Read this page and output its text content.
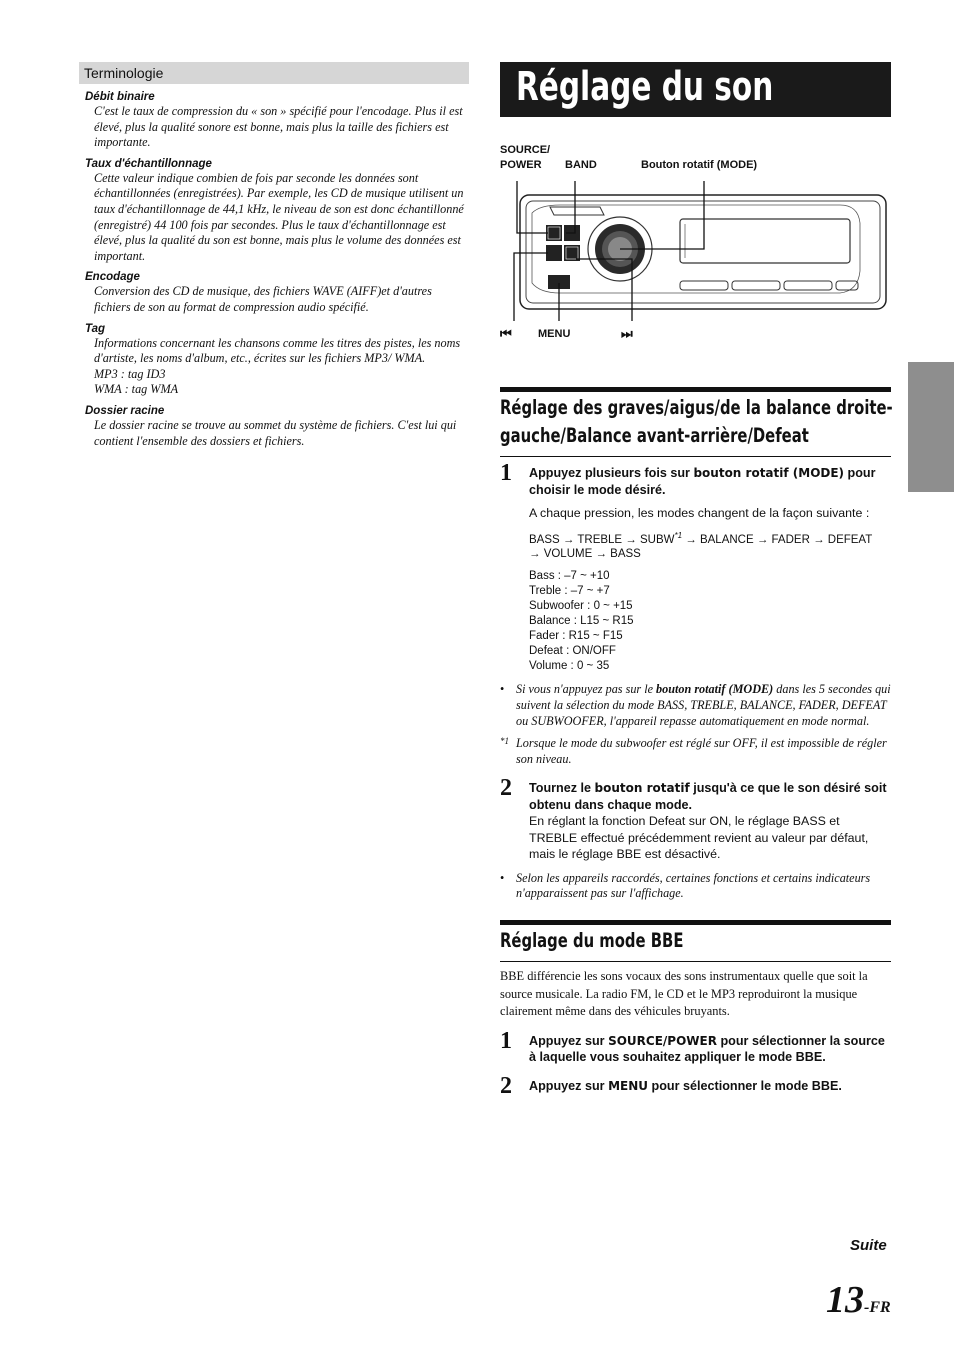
Terminologie
Débit binaire
C'est le taux de compression du « son » spécifié pour l'encodage. Plus il est élevé, plus la qualité sonore est bonne, mais plus la taille des fichiers est importante.
Taux d'échantillonnage
Cette valeur indique combien de fois par seconde les données sont échantillonnées (enregistrées). Par exemple, les CD de musique utilisent un taux d'échantillonnage de 44,1 kHz, le niveau de son est donc échantillonné (enregistré) 44 100 fois par secondes. Plus le taux d'échantillonnage est élevé, plus la qualité du son est bonne, mais plus le volume des données est important.
Encodage
Conversion des CD de musique, des fichiers WAVE (AIFF)et d'autres fichiers de son au format de compression audio spécifié.
Tag
Informations concernant les chansons comme les titres des pistes, les noms d'artiste, les noms d'album, etc., écrites sur les fichiers MP3/ WMA.
MP3 : tag ID3
WMA : tag WMA
Dossier racine
Le dossier racine se trouve au sommet du système de fichiers. C'est lui qui contient l'ensemble des dossiers et fichiers.
Réglage du son
SOURCE/
POWER BAND	Bouton rotatif (MODE)
⏮ MENU	⏭
Réglage des graves/aigus/de la balance droite-
gauche/Balance avant-arrière/Defeat
1 Appuyez plusieurs fois sur bouton rotatif (MODE) pour choisir le mode désiré.
A chaque pression, les modes changent de la façon suivante :
BASS → TREBLE → $SUBW^{*1}$ → BALANCE → FADER → DEFEAT
→ VOLUME → BASS
Bass : –7 ~ +10
Treble : –7 ~ +7
Subwoofer : 0 ~ +15
Balance : L15 ~ R15
Fader : R15 ~ F15
Defeat : ON/OFF
Volume : 0 ~ 35
• Si vous n'appuyez pas sur le bouton rotatif (MODE) dans les 5 secondes qui suivent la sélection du mode BASS, TREBLE, BALANCE, FADER, DEFEAT ou SUBWOOFER, l'appareil repasse automatiquement en mode normal.
*1 Lorsque le mode du subwoofer est réglé sur OFF, il est impossible de régler son niveau.
2 Tournez le bouton rotatif jusqu'à ce que le son désiré soit obtenu dans chaque mode.
En réglant la fonction Defeat sur ON, le réglage BASS et TREBLE effectué précédemment revient au valeur par défaut, mais le réglage BBE est désactivé.
• Selon les appareils raccordés, certaines fonctions et certains indicateurs n'apparaissent pas sur l'affichage.
Réglage du mode BBE
BBE différencie les sons vocaux des sons instrumentaux quelle que soit la source musicale. La radio FM, le CD et le MP3 reproduiront la musique clairement même dans des véhicules bruyants.
1 Appuyez sur SOURCE/POWER pour sélectionner la source à laquelle vous souhaitez appliquer le mode BBE.
2 Appuyez sur MENU pour sélectionner le mode BBE.
Suite
13-FR
